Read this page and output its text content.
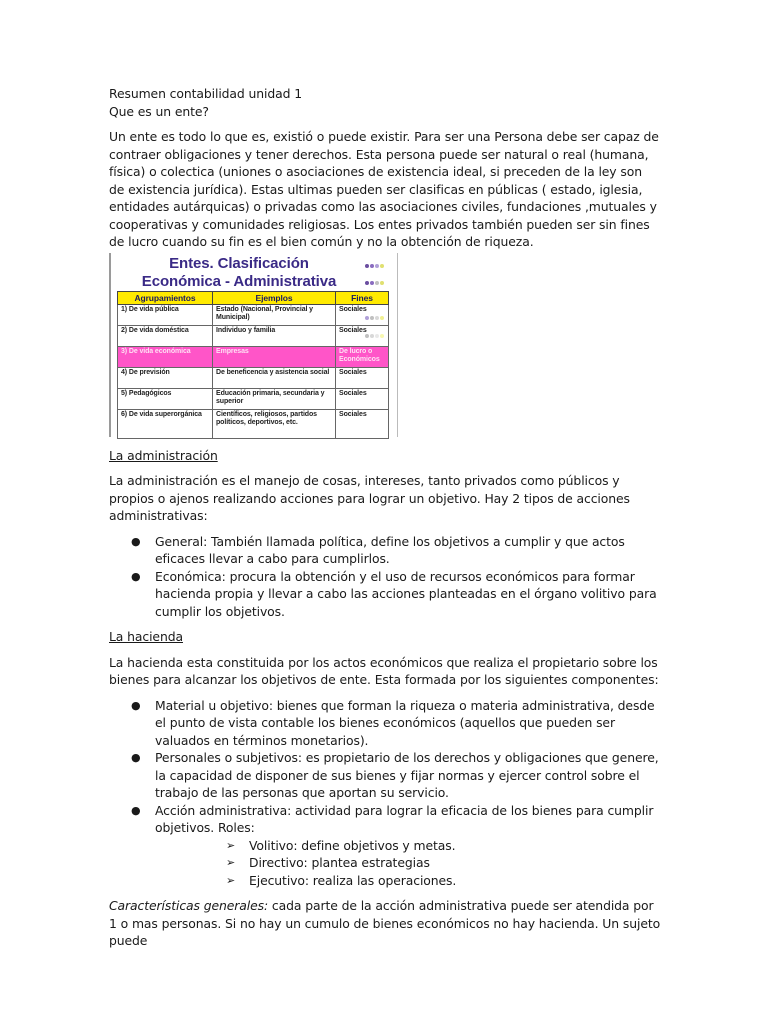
Resumen contabilidad unidad 1

Que es un ente?

Un ente es todo lo que es, existió o puede existir. Para ser una Persona debe ser capaz de contraer obligaciones y tener derechos. Esta persona puede ser natural o real (humana, física) o colectica (uniones o asociaciones de existencia ideal, si preceden de la ley son de existencia jurídica). Estas ultimas pueden ser clasificas en públicas ( estado, iglesia, entidades autárquicas) o privadas como las asociaciones civiles, fundaciones ,mutuales y cooperativas y comunidades religiosas. Los entes privados también pueden ser sin fines de lucro cuando su fin es el bien común y no la obtención de riqueza.

Entes. Clasificación
Económica - Administrativa

Agrupamientos	Ejemplos	Fines
1) De vida pública	Estado (Nacional, Provincial y Municipal)	Sociales
2) De vida doméstica	Individuo y familia	Sociales
3) De vida económica	Empresas	De lucro o Económicos
4) De previsión	De beneficencia y asistencia social	Sociales
5) Pedagógicos	Educación primaria, secundaria y superior	Sociales
6) De vida superorgánica	Científicos, religiosos, partidos políticos, deportivos, etc.	Sociales

La administración

La administración es el manejo de cosas, intereses, tanto privados como públicos y propios o ajenos realizando acciones para lograr un objetivo. Hay 2 tipos de acciones administrativas:

● General: También llamada política, define los objetivos a cumplir y que actos eficaces llevar a cabo para cumplirlos.
● Económica: procura la obtención y el uso de recursos económicos para formar hacienda propia y llevar a cabo las acciones planteadas en el órgano volitivo para cumplir los objetivos.

La hacienda

La hacienda esta constituida por los actos económicos que realiza el propietario sobre los bienes para alcanzar los objetivos de ente. Esta formada por los siguientes componentes:

● Material u objetivo: bienes que forman la riqueza o materia administrativa, desde el punto de vista contable los bienes económicos (aquellos que pueden ser valuados en términos monetarios).
● Personales o subjetivos: es propietario de los derechos y obligaciones que genere, la capacidad de disponer de sus bienes y fijar normas y ejercer control sobre el trabajo de las personas que aportan su servicio.
● Acción administrativa: actividad para lograr la eficacia de los bienes para cumplir objetivos. Roles:
➢ Volitivo: define objetivos y metas.
➢ Directivo: plantea estrategias
➢ Ejecutivo: realiza las operaciones.

Características generales: cada parte de la acción administrativa puede ser atendida por 1 o mas personas. Si no hay un cumulo de bienes económicos no hay hacienda. Un sujeto puede
